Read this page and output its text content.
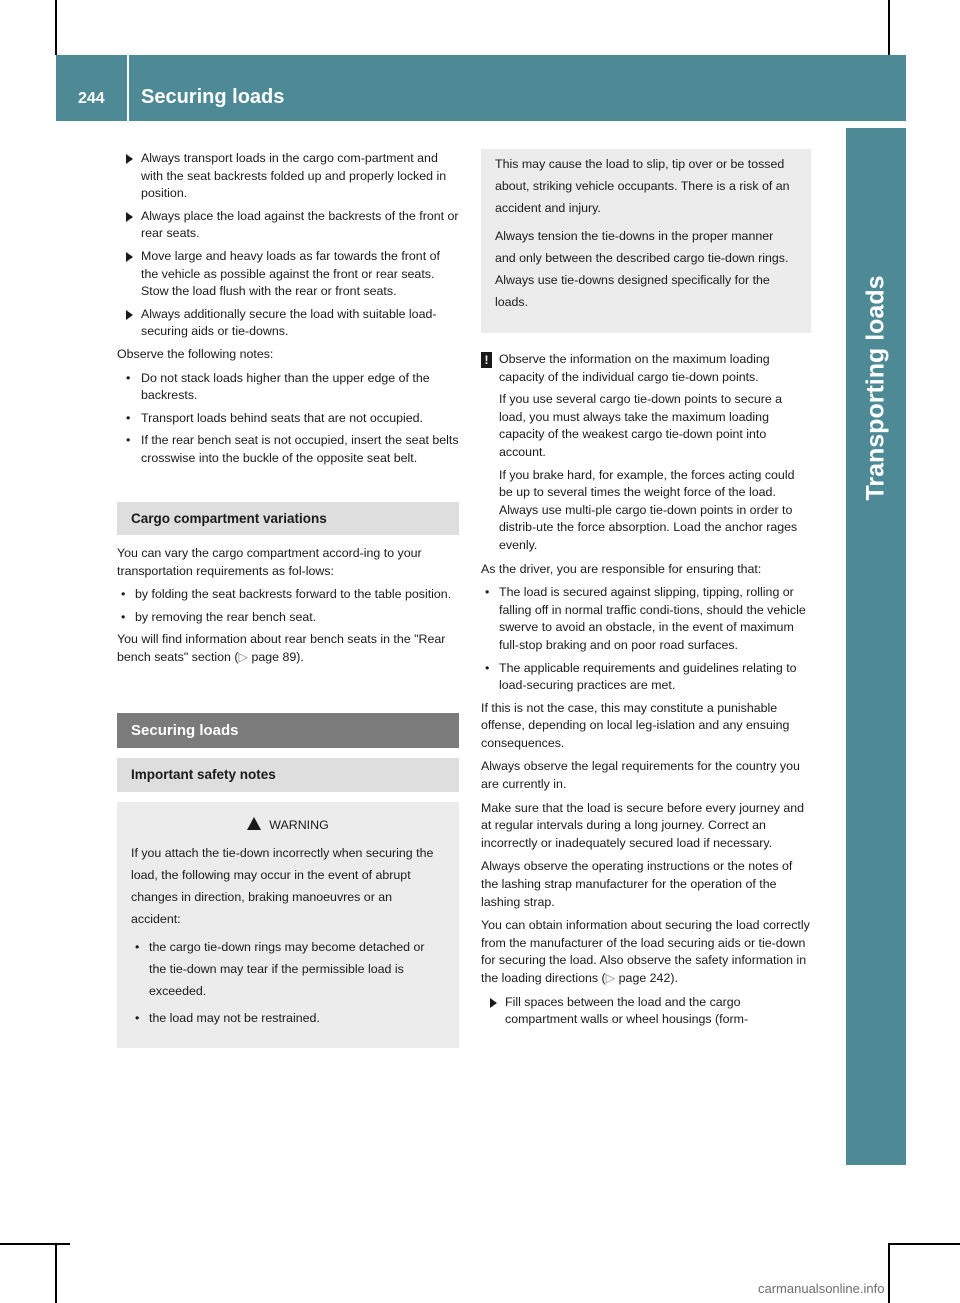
244	Securing loads
Transporting loads
Always transport loads in the cargo com-partment and with the seat backrests folded up and properly locked in position.
Always place the load against the backrests of the front or rear seats.
Move large and heavy loads as far towards the front of the vehicle as possible against the front or rear seats. Stow the load flush with the rear or front seats.
Always additionally secure the load with suitable load-securing aids or tie-downs.

Observe the following notes:

• Do not stack loads higher than the upper edge of the backrests.
• Transport loads behind seats that are not occupied.
• If the rear bench seat is not occupied, insert the seat belts crosswise into the buckle of the opposite seat belt.
Cargo compartment variations

You can vary the cargo compartment accord-ing to your transportation requirements as fol-lows:

• by folding the seat backrests forward to the table position.
• by removing the rear bench seat.

You will find information about rear bench seats in the "Rear bench seats" section (▷ page 89).

Securing loads
Important safety notes
WARNING

If you attach the tie-down incorrectly when securing the load, the following may occur in the event of abrupt changes in direction, braking manoeuvres or an accident:

• the cargo tie-down rings may become detached or the tie-down may tear if the permissible load is exceeded.
• the load may not be restrained.

This may cause the load to slip, tip over or be tossed about, striking vehicle occupants. There is a risk of an accident and injury.

Always tension the tie-downs in the proper manner and only between the described cargo tie-down rings. Always use tie-downs designed specifically for the loads.

! Observe the information on the maximum loading capacity of the individual cargo tie-down points.

If you use several cargo tie-down points to secure a load, you must always take the maximum loading capacity of the weakest cargo tie-down point into account.

If you brake hard, for example, the forces acting could be up to several times the weight force of the load. Always use multi-ple cargo tie-down points in order to distrib-ute the force absorption. Load the anchor rages evenly.

As the driver, you are responsible for ensuring that:

• The load is secured against slipping, tipping, rolling or falling off in normal traffic condi-tions, should the vehicle swerve to avoid an obstacle, in the event of maximum full-stop braking and on poor road surfaces.
• The applicable requirements and guidelines relating to load-securing practices are met.

If this is not the case, this may constitute a punishable offense, depending on local leg-islation and any ensuing consequences.

Always observe the legal requirements for the country you are currently in.

Make sure that the load is secure before every journey and at regular intervals during a long journey. Correct an incorrectly or inadequately secured load if necessary.

Always observe the operating instructions or the notes of the lashing strap manufacturer for the operation of the lashing strap.

You can obtain information about securing the load correctly from the manufacturer of the load securing aids or tie-down for securing the load. Also observe the safety information in the loading directions (▷ page 242).

Fill spaces between the load and the cargo compartment walls or wheel housings (form-
carmanualsonline.info
